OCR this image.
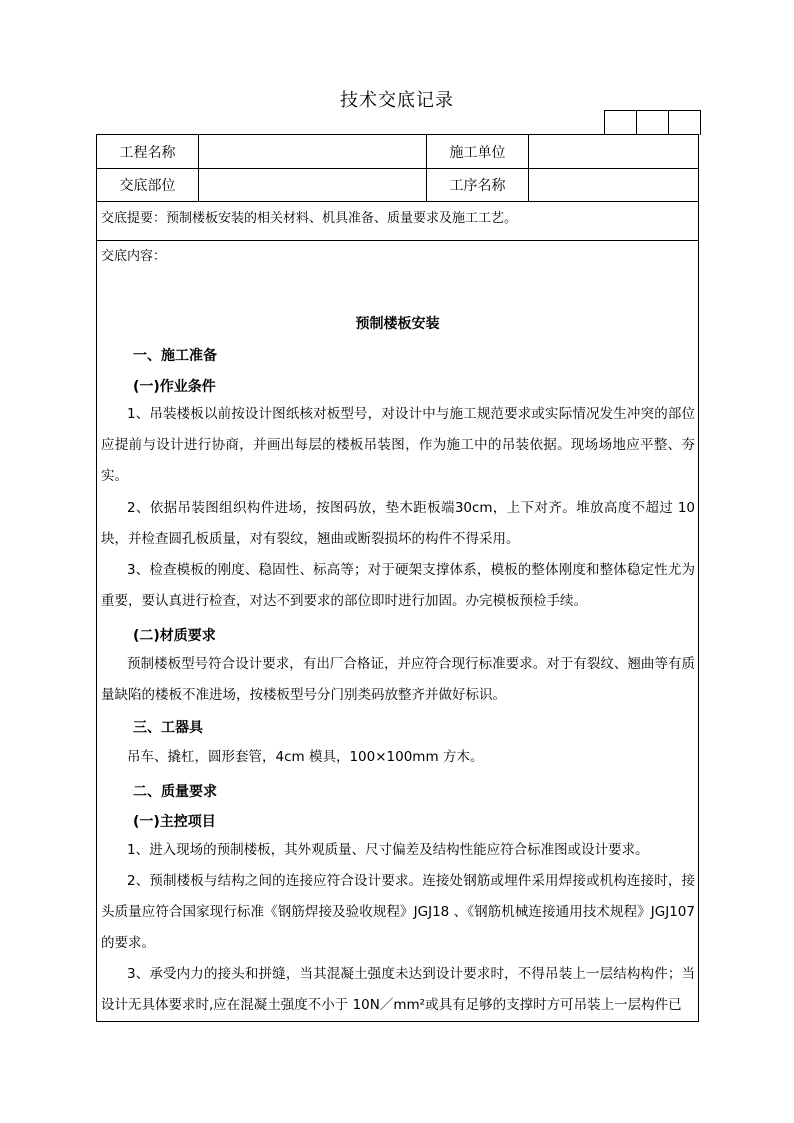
技术交底记录
工程名称	施工单位
交底部位	工序名称
交底提要：预制楼板安装的相关材料、机具准备、质量要求及施工工艺。
交底内容：
预制楼板安装
一、施工准备
(一)作业条件
1、吊装楼板以前按设计图纸核对板型号，对设计中与施工规范要求或实际情况发生冲突的部位应提前与设计进行协商，并画出每层的楼板吊装图，作为施工中的吊装依据。现场场地应平整、夯实。
2、依据吊装图组织构件进场，按图码放，垫木距板端30cm，上下对齐。堆放高度不超过 10 块，并检查圆孔板质量，对有裂纹，翘曲或断裂损坏的构件不得采用。
3、检查模板的刚度、稳固性、标高等；对于硬架支撑体系，模板的整体刚度和整体稳定性尤为重要，要认真进行检查，对达不到要求的部位即时进行加固。办完模板预检手续。
(二)材质要求
预制楼板型号符合设计要求，有出厂合格证，并应符合现行标准要求。对于有裂纹、翘曲等有质量缺陷的楼板不准进场，按楼板型号分门别类码放整齐并做好标识。
三、工器具
吊车、撬杠，圆形套管，4cm 模具，100×100mm 方木。
二、质量要求
(一)主控项目
1、进入现场的预制楼板，其外观质量、尺寸偏差及结构性能应符合标准图或设计要求。
2、预制楼板与结构之间的连接应符合设计要求。连接处钢筋或埋件采用焊接或机构连接时，接头质量应符合国家现行标准《钢筋焊接及验收规程》JGJ18 、《钢筋机械连接通用技术规程》JGJ107 的要求。
3、承受内力的接头和拼缝，当其混凝土强度未达到设计要求时，不得吊装上一层结构构件；当设计无具体要求时,应在混凝土强度不小于 10N／mm²或具有足够的支撑时方可吊装上一层构件已
